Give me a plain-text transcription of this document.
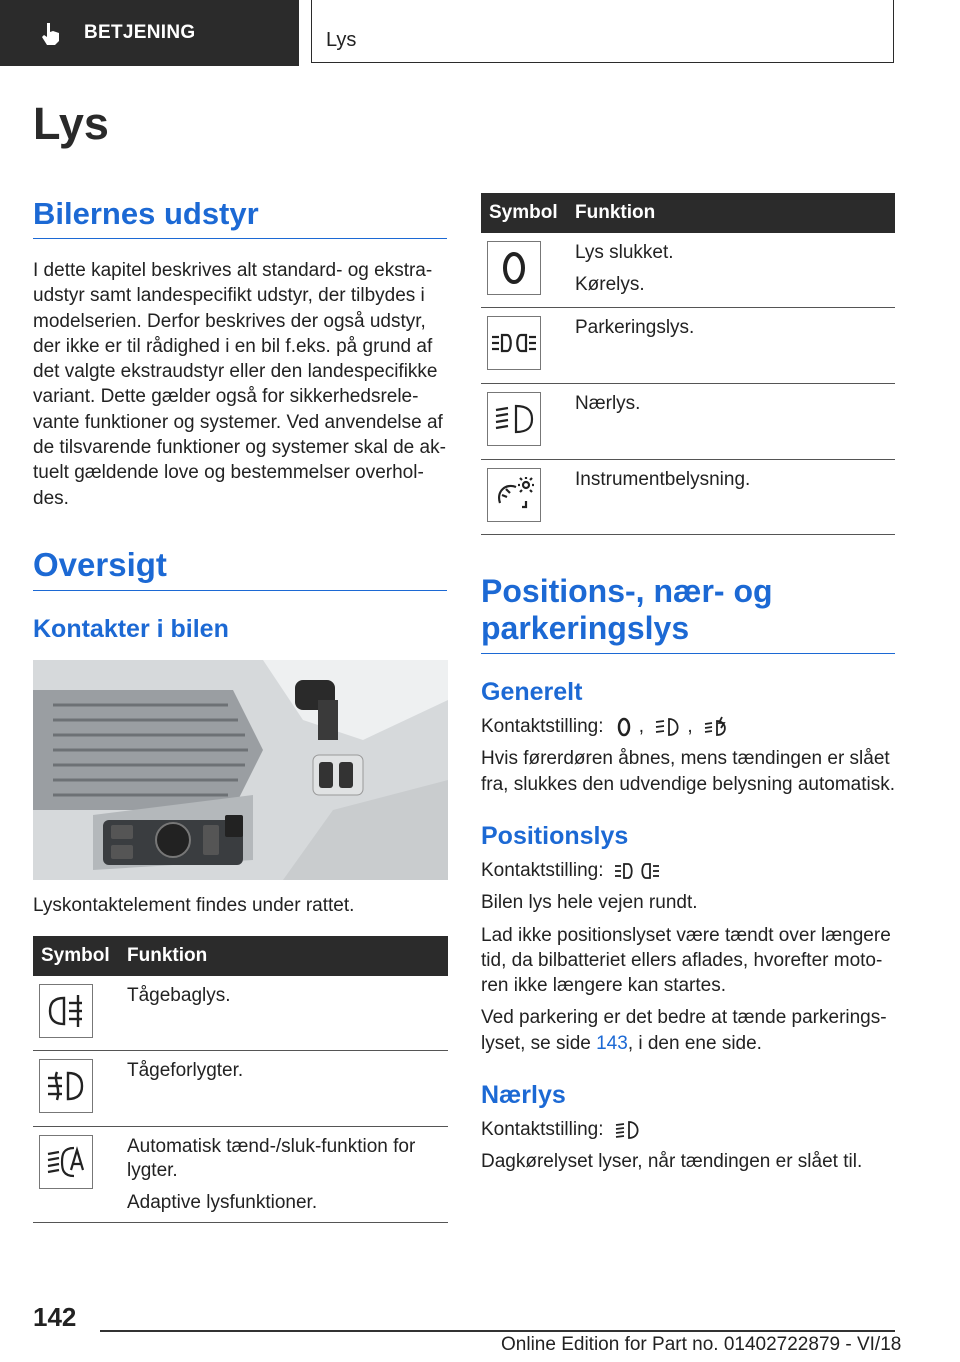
BETJENING	Lys
Lys
Bilernes udstyr
I dette kapitel beskrives alt standard- og ekstra-
udstyr samt landespecifikt udstyr, der tilbydes i
modelserien. Derfor beskrives der også udstyr,
der ikke er til rådighed i en bil f.eks. på grund af
det valgte ekstraudstyr eller den landespecifikke
variant. Dette gælder også for sikkerhedsrele-
vante funktioner og systemer. Ved anvendelse af
de tilsvarende funktioner og systemer skal de ak-
tuelt gældende love og bestemmelser overhol-
des.
Oversigt
Kontakter i bilen
Lyskontaktelement findes under rattet.
Symbol Funktion
Tågebaglys.
Tågeforlygter.
Automatisk tænd-/sluk-funktion for
lygter.
Adaptive lysfunktioner.
Symbol Funktion
Lys slukket.
Kørelys.
Parkeringslys.
Nærlys.
Instrumentbelysning.
Positions-, nær- og
parkeringslys
Generelt

Kontaktstilling: , ,

Hvis førerdøren åbnes, mens tændingen er slået
fra, slukkes den udvendige belysning automatisk.
Positionslys

Kontaktstilling:

Bilen lys hele vejen rundt.

Lad ikke positionslyset være tændt over længere
tid, da bilbatteriet ellers aflades, hvorefter moto-
ren ikke længere kan startes.

Ved parkering er det bedre at tænde parkerings-
lyset, se side 143, i den ene side.

Nærlys

Kontaktstilling:

Dagkørelyset lyser, når tændingen er slået til.
142
Online Edition for Part no. 01402722879 - VI/18
